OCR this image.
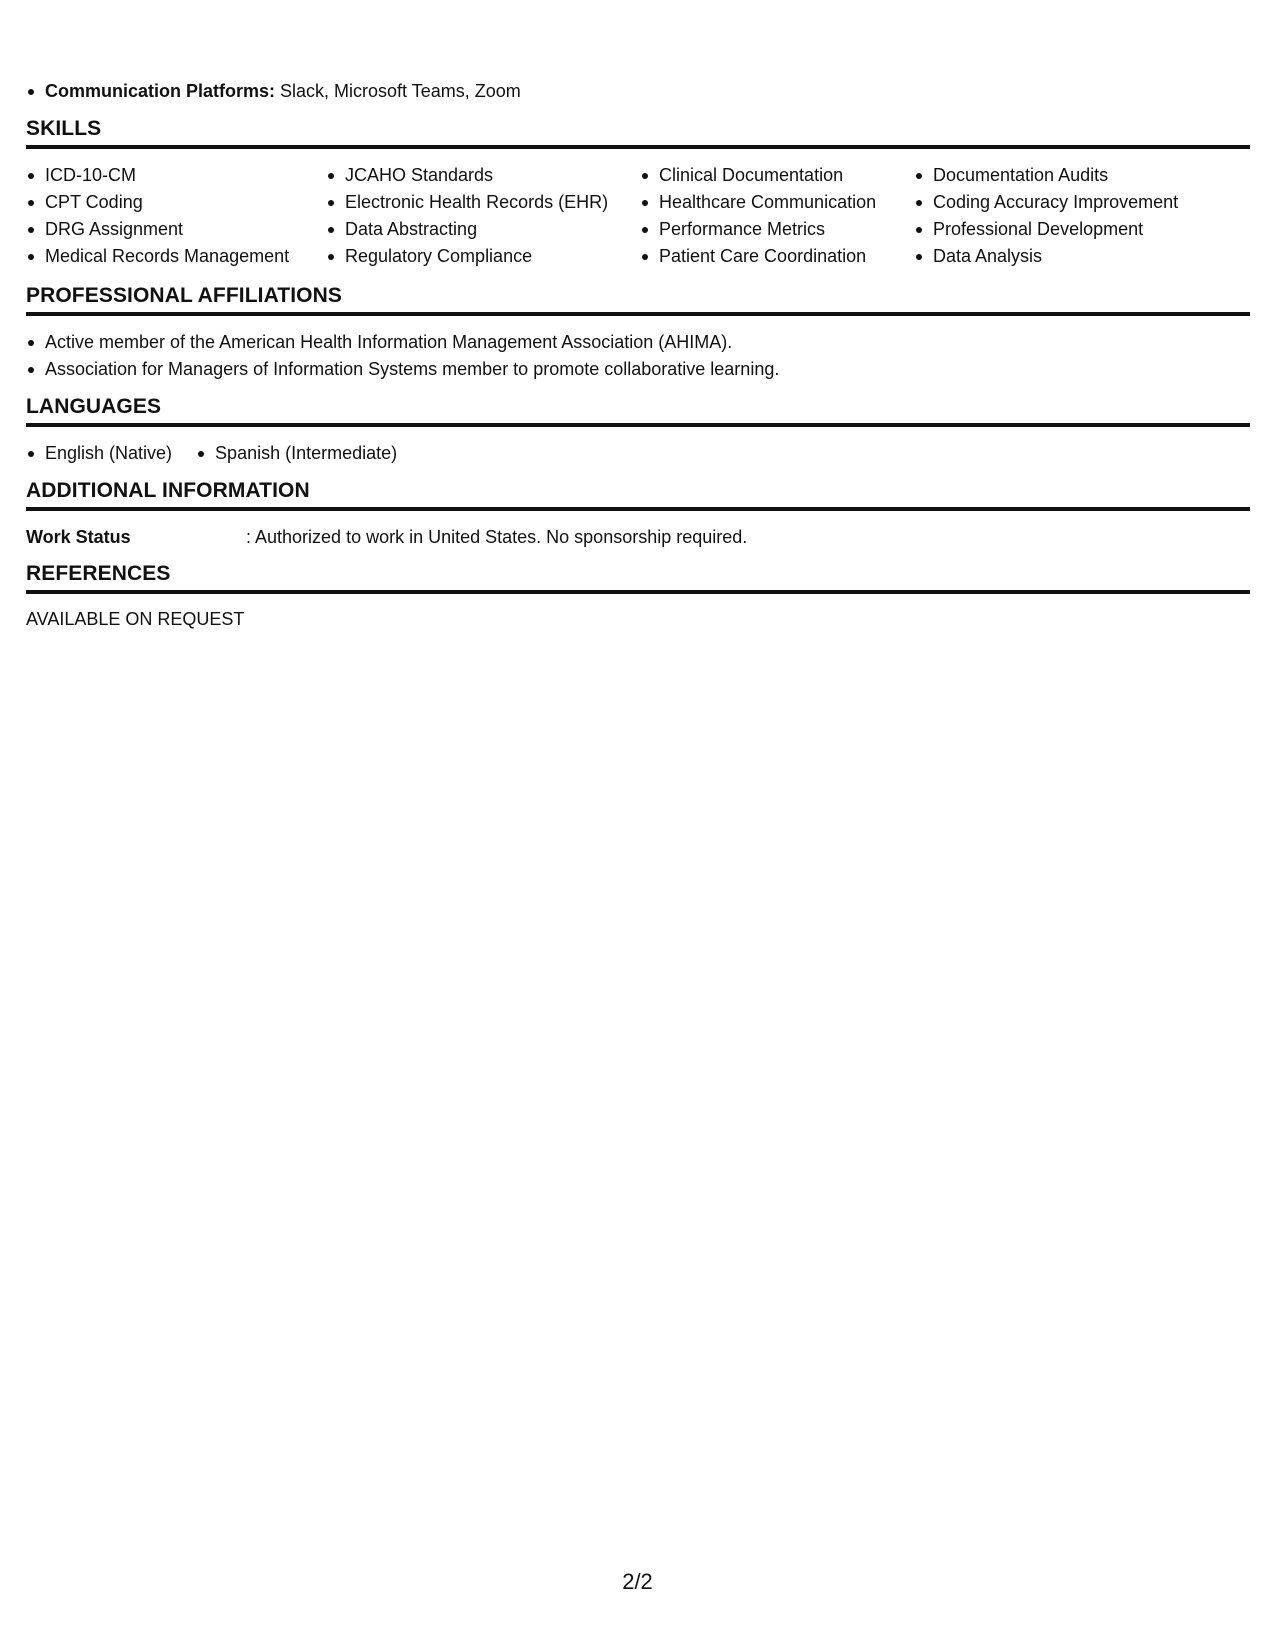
Communication Platforms: Slack, Microsoft Teams, Zoom
SKILLS
ICD-10-CM
CPT Coding
DRG Assignment
Medical Records Management
JCAHO Standards
Electronic Health Records (EHR)
Data Abstracting
Regulatory Compliance
Clinical Documentation
Healthcare Communication
Performance Metrics
Patient Care Coordination
Documentation Audits
Coding Accuracy Improvement
Professional Development
Data Analysis
PROFESSIONAL AFFILIATIONS
Active member of the American Health Information Management Association (AHIMA).
Association for Managers of Information Systems member to promote collaborative learning.
LANGUAGES
English (Native)	Spanish (Intermediate)
ADDITIONAL INFORMATION
Work Status	: Authorized to work in United States. No sponsorship required.
REFERENCES
AVAILABLE ON REQUEST
2/2
